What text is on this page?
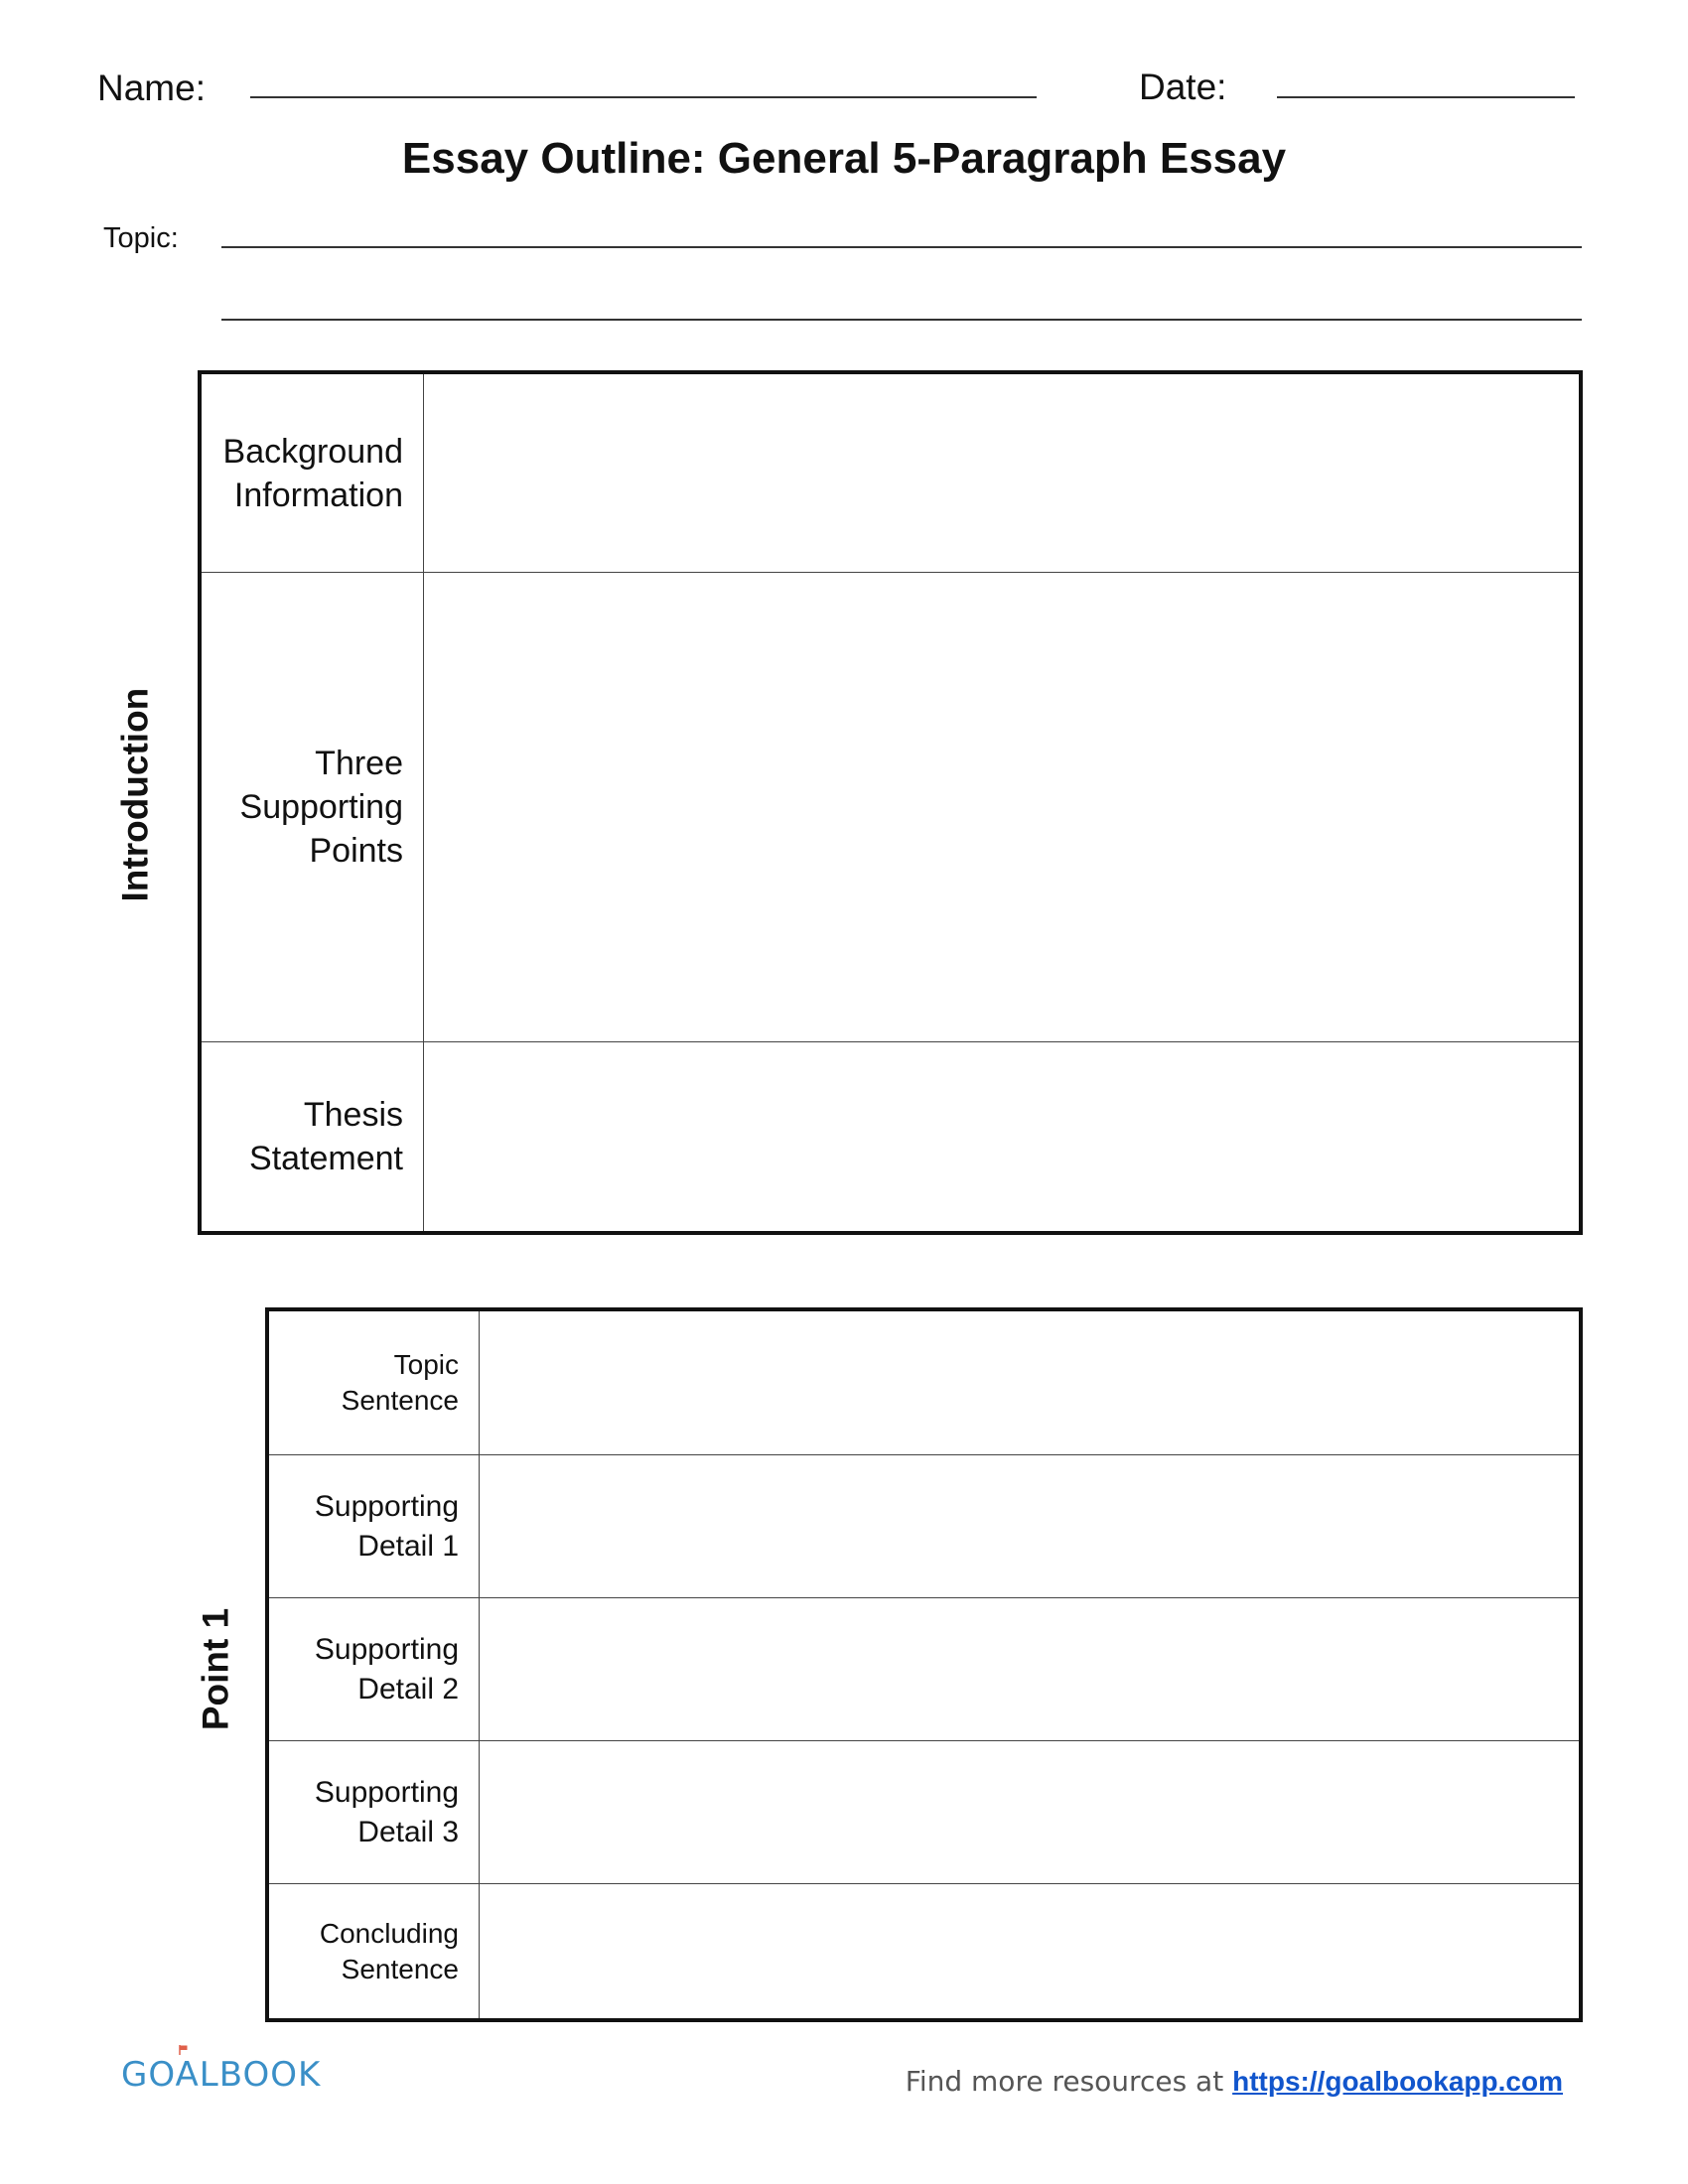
Name:	Date:
Essay Outline: General 5-Paragraph Essay
Topic:
Introduction
Background
Information
Three
Supporting
Points
Thesis
Statement
Point 1
Topic
Sentence
Supporting
Detail 1
Supporting
Detail 2
Supporting
Detail 3
Concluding
Sentence
GOALBOOK	Find more resources at https://goalbookapp.com
